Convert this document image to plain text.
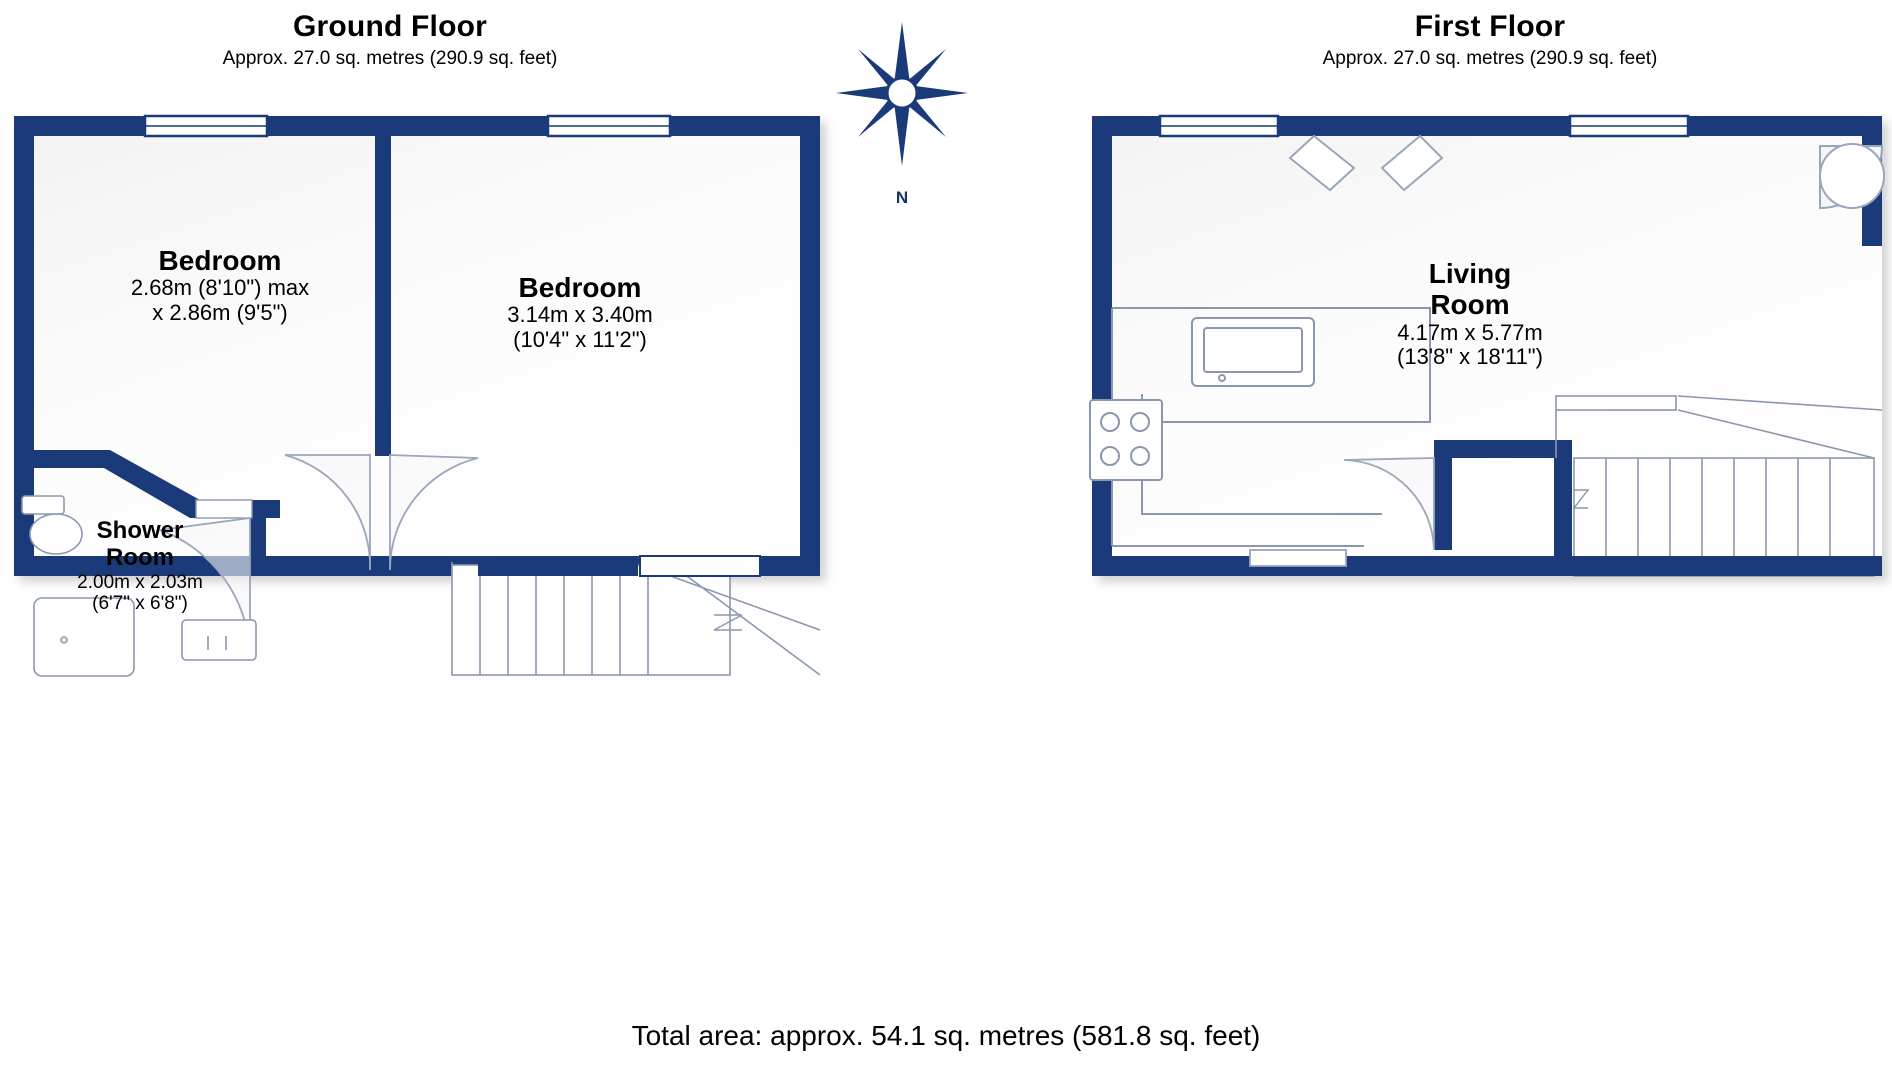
Ground Floor
Approx. 27.0 sq. metres (290.9 sq. feet)
First Floor
Approx. 27.0 sq. metres (290.9 sq. feet)
N
Bedroom
2.68m (8'10") max
x 2.86m (9'5")
Bedroom
3.14m x 3.40m
(10'4" x 11'2")
Shower
Room
2.00m x 2.03m
(6'7" x 6'8")
Living
Room
4.17m x 5.77m
(13'8" x 18'11")
Total area: approx. 54.1 sq. metres (581.8 sq. feet)
